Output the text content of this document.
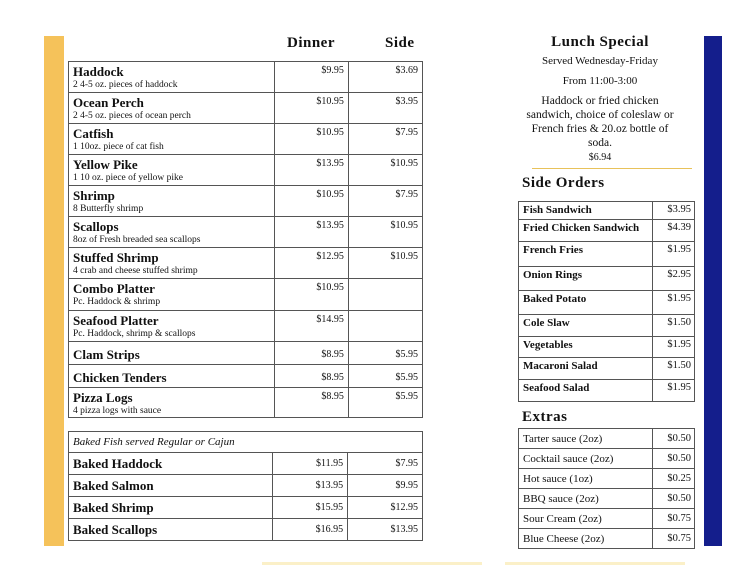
Dinner	Side
Haddock
2 4-5 oz. pieces of haddock	$9.95	$3.69

Ocean Perch
2 4-5 oz. pieces of ocean perch	$10.95	$3.95

Catfish
1 10oz. piece of cat fish	$10.95	$7.95

Yellow Pike
1 10 oz. piece of yellow pike	$13.95	$10.95

Shrimp
8 Butterfly shrimp	$10.95	$7.95

Scallops
8oz of Fresh breaded sea scallops	$13.95	$10.95

Stuffed Shrimp
4 crab and cheese stuffed shrimp	$12.95	$10.95

Combo Platter
Pc. Haddock & shrimp	$10.95	

Seafood Platter
Pc. Haddock, shrimp & scallops	$14.95	

Clam Strips	$8.95	$5.95

Chicken Tenders	$8.95	$5.95

Pizza Logs
4 pizza logs with sauce	$8.95	$5.95
Baked Fish served Regular or Cajun		
Baked Haddock	$11.95	$7.95
Baked Salmon	$13.95	$9.95
Baked Shrimp	$15.95	$12.95
Baked Scallops	$16.95	$13.95
Lunch Special
Served Wednesday-Friday
From 11:00-3:00
Haddock or fried chicken sandwich, choice of coleslaw or French fries & 20.oz bottle of soda.
$6.94
Side Orders
Fish Sandwich	$3.95
Fried Chicken Sandwich	$4.39
French Fries	$1.95
Onion Rings	$2.95
Baked Potato	$1.95
Cole Slaw	$1.50
Vegetables	$1.95
Macaroni Salad	$1.50
Seafood Salad	$1.95
Extras
Tarter sauce (2oz)	$0.50
Cocktail sauce (2oz)	$0.50
Hot sauce (1oz)	$0.25
BBQ sauce (2oz)	$0.50
Sour Cream (2oz)	$0.75
Blue Cheese (2oz)	$0.75
